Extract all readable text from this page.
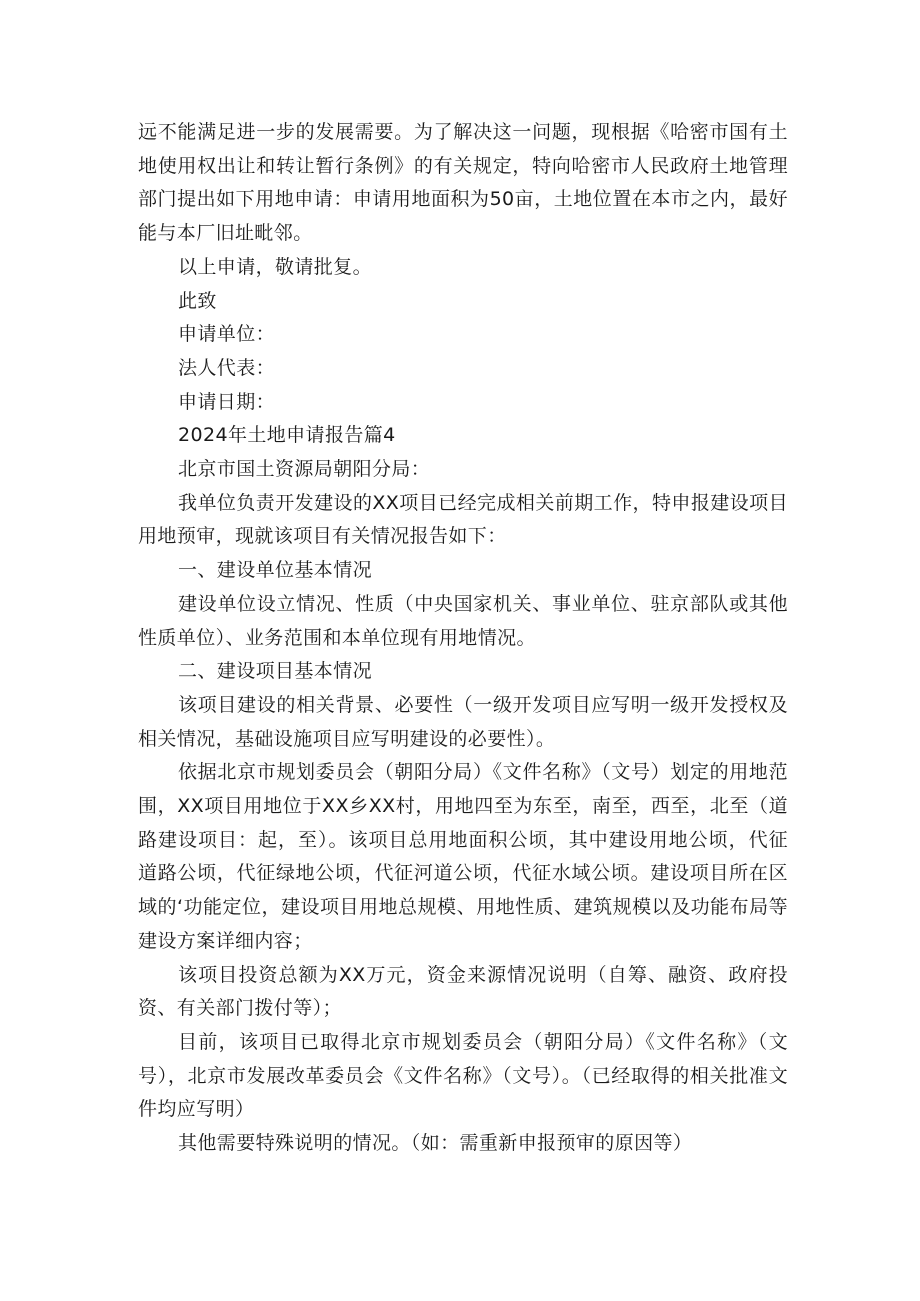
远不能满足进一步的发展需要。为了解决这一问题，现根据《哈密市国有土地使用权出让和转让暂行条例》的有关规定，特向哈密市人民政府土地管理部门提出如下用地申请：申请用地面积为50亩，土地位置在本市之内，最好能与本厂旧址毗邻。

以上申请，敬请批复。

此致

申请单位：

法人代表：

申请日期：

2024年土地申请报告篇4

北京市国土资源局朝阳分局：

我单位负责开发建设的XX项目已经完成相关前期工作，特申报建设项目用地预审，现就该项目有关情况报告如下：

一、建设单位基本情况

建设单位设立情况、性质（中央国家机关、事业单位、驻京部队或其他性质单位）、业务范围和本单位现有用地情况。

二、建设项目基本情况

该项目建设的相关背景、必要性（一级开发项目应写明一级开发授权及相关情况，基础设施项目应写明建设的必要性）。

依据北京市规划委员会（朝阳分局）《文件名称》（文号）划定的用地范围，XX项目用地位于XX乡XX村，用地四至为东至，南至，西至，北至（道路建设项目：起，至）。该项目总用地面积公顷，其中建设用地公顷，代征道路公顷，代征绿地公顷，代征河道公顷，代征水域公顷。建设项目所在区域的‘功能定位，建设项目用地总规模、用地性质、建筑规模以及功能布局等建设方案详细内容；

该项目投资总额为XX万元，资金来源情况说明（自筹、融资、政府投资、有关部门拨付等）；

目前，该项目已取得北京市规划委员会（朝阳分局）《文件名称》（文号），北京市发展改革委员会《文件名称》（文号）。（已经取得的相关批准文件均应写明）

其他需要特殊说明的情况。（如：需重新申报预审的原因等）
